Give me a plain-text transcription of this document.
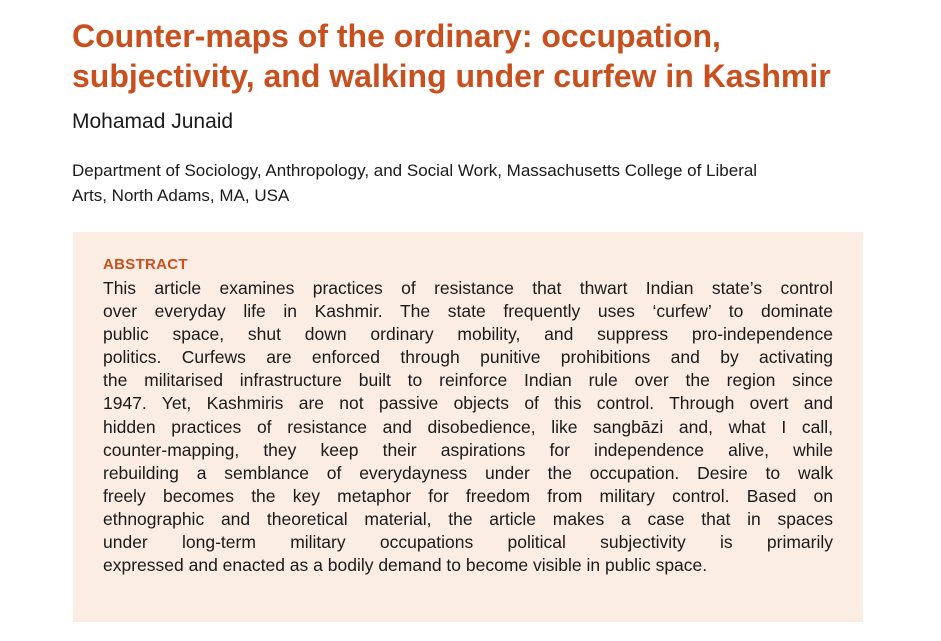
Counter-maps of the ordinary: occupation,
subjectivity, and walking under curfew in Kashmir
Mohamad Junaid
Department of Sociology, Anthropology, and Social Work, Massachusetts College of Liberal
Arts, North Adams, MA, USA
ABSTRACT
This article examines practices of resistance that thwart Indian state’s control
over everyday life in Kashmir. The state frequently uses ‘curfew’ to dominate
public space, shut down ordinary mobility, and suppress pro-independence
politics. Curfews are enforced through punitive prohibitions and by activating
the militarised infrastructure built to reinforce Indian rule over the region since
1947. Yet, Kashmiris are not passive objects of this control. Through overt and
hidden practices of resistance and disobedience, like sangbāzi and, what I call,
counter-mapping, they keep their aspirations for independence alive, while
rebuilding a semblance of everydayness under the occupation. Desire to walk
freely becomes the key metaphor for freedom from military control. Based on
ethnographic and theoretical material, the article makes a case that in spaces
under long-term military occupations political subjectivity is primarily
expressed and enacted as a bodily demand to become visible in public space.
